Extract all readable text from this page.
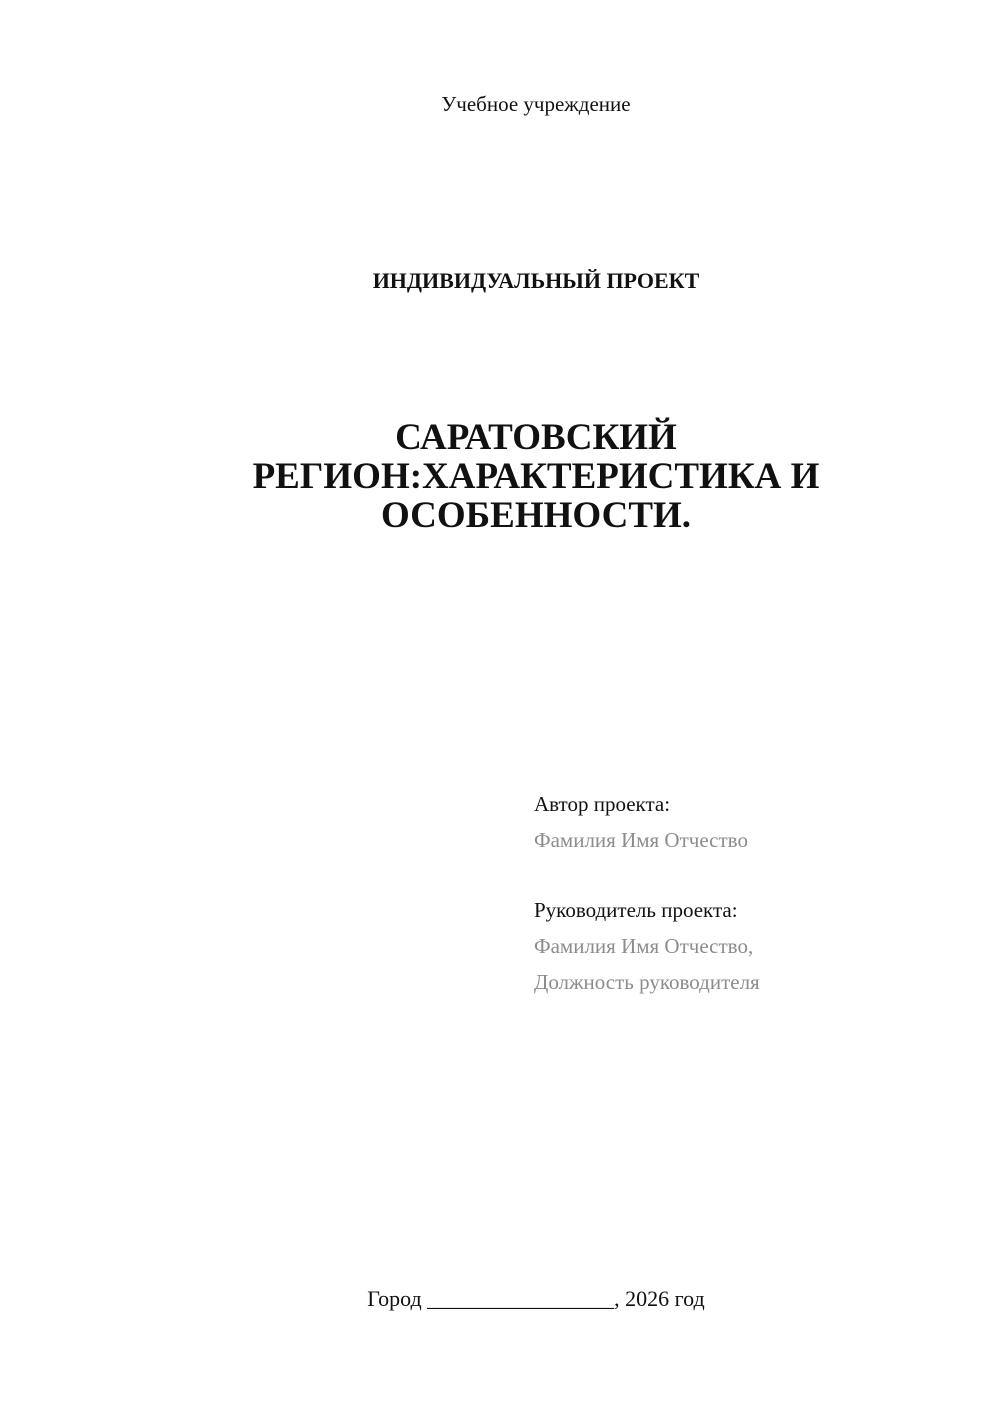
Учебное учреждение
ИНДИВИДУАЛЬНЫЙ ПРОЕКТ
САРАТОВСКИЙ
РЕГИОН:ХАРАКТЕРИСТИКА И
ОСОБЕННОСТИ.
Автор проекта:
Фамилия Имя Отчество
Руководитель проекта:
Фамилия Имя Отчество,
Должность руководителя
Город _________________, 2026 год
